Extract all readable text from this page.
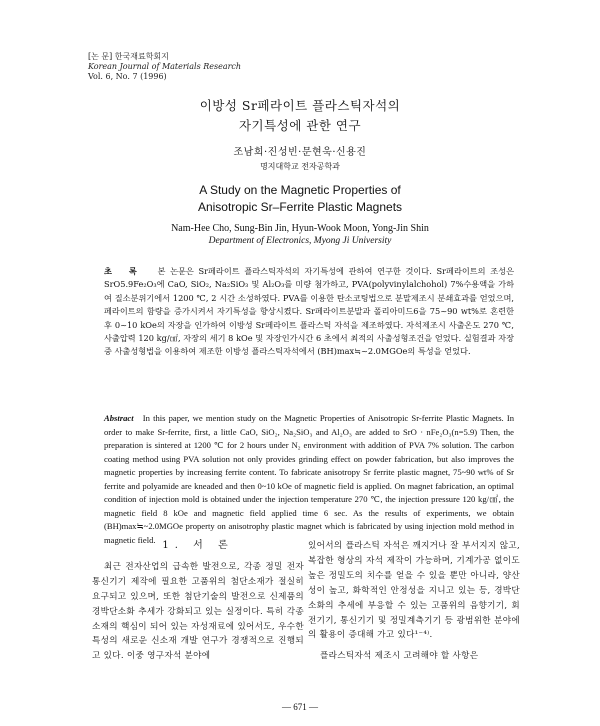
[논 문] 한국재료학회지
Korean Journal of Materials Research
Vol. 6, No. 7 (1996)
이방성 Sr페라이트 플라스틱자석의
자기특성에 관한 연구
조남희·진성빈·문현욱·신용진
명지대학교 전자공학과
A Study on the Magnetic Properties of
Anisotropic Sr–Ferrite Plastic Magnets
Nam-Hee Cho, Sung-Bin Jin, Hyun-Wook Moon, Yong-Jin Shin
Department of Electronics, Myong Ji University
초 록 본 논문은 Sr페라이트 플라스틱자석의 자기특성에 관하여 연구한 것이다. Sr페라이트의 조성은 SrO5.9Fe₂O₃에 CaO, SiO₂, Na₂SiO₃ 및 Al₂O₃를 미량 첨가하고, PVA(polyvinylalchohol) 7%수용액을 가하여 질소분위기에서 1200 ℃, 2 시간 소성하였다. PVA를 이용한 탄소코팅법으로 분말제조시 분쇄효과를 얻었으며, 페라이트의 함량을 증가시켜서 자기특성을 향상시켰다. Sr페라이트분말과 폴리아미드6을 75~90 wt%로 혼련한 후 0~10 kOe의 자장을 인가하여 이방성 Sr페라이트 플라스틱 자석을 제조하였다. 자석제조시 사출온도 270 ℃, 사출압력 120 kg/㎠, 자장의 세기 8 kOe 및 자장인가시간 6 초에서 최적의 사출성형조건을 얻었다. 실험결과 자장중 사출성형법을 이용하여 제조한 이방성 플라스틱자석에서 (BH)max≒~2.0MGOe의 특성을 얻었다.
Abstract In this paper, we mention study on the Magnetic Properties of Anisotropic Sr-ferrite Plastic Magnets. In order to make Sr-ferrite, first, a little CaO, SiO₂, Na₂SiO₃ and Al₂O₃ are added to SrO · nFe₂O₃(n=5.9) Then, the preparation is sintered at 1200 ℃ for 2 hours under N₂ environment with addition of PVA 7% solution. The carbon coating method using PVA solution not only provides grinding effect on powder fabrication, but also improves the magnetic properties by increasing ferrite content. To fabricate anisotropy Sr ferrite plastic magnet, 75~90 wt% of Sr ferrite and polyamide are kneaded and then 0~10 kOe of magnetic field is applied. On magnet fabrication, an optimal condition of injection mold is obtained under the injection temperature 270 ℃, the injection pressure 120 kg/㎠, the magnetic field 8 kOe and magnetic field applied time 6 sec. As the results of experiments, we obtain (BH)max≒~2.0MGOe property on anisotrophy plastic magnet which is fabricated by using injection mold method in magnetic field.
1. 서 론
최근 전자산업의 급속한 발전으로, 각종 정밀 전자 통신기기 제작에 필요한 고품위의 첨단소재가 절실히 요구되고 있으며, 또한 첨단기술의 발전으로 신제품의 경박단소화 추세가 강화되고 있는 실정이다. 특히 각종 소재의 핵심이 되어 있는 자성재료에 있어서도, 우수한 특성의 새로운 신소재 개발 연구가 경쟁적으로 진행되고 있다. 이중 영구자석 분야에
있어서의 플라스틱 자석은 깨지거나 잘 부서지지 않고, 복잡한 형상의 자석 제작이 가능하며, 기계가공 없이도 높은 정밀도의 치수를 얻을 수 있을 뿐만 아니라, 양산성이 높고, 화학적인 안정성을 지니고 있는 등, 경박단소화의 추세에 부응할 수 있는 고품위의 음향기기, 회전기기, 통신기기 및 정밀계측기기 등 광범위한 분야에의 활용이 증대해 가고 있다¹⁻⁴⁾.
플라스틱자석 제조시 고려해야 할 사항은
— 671 —
